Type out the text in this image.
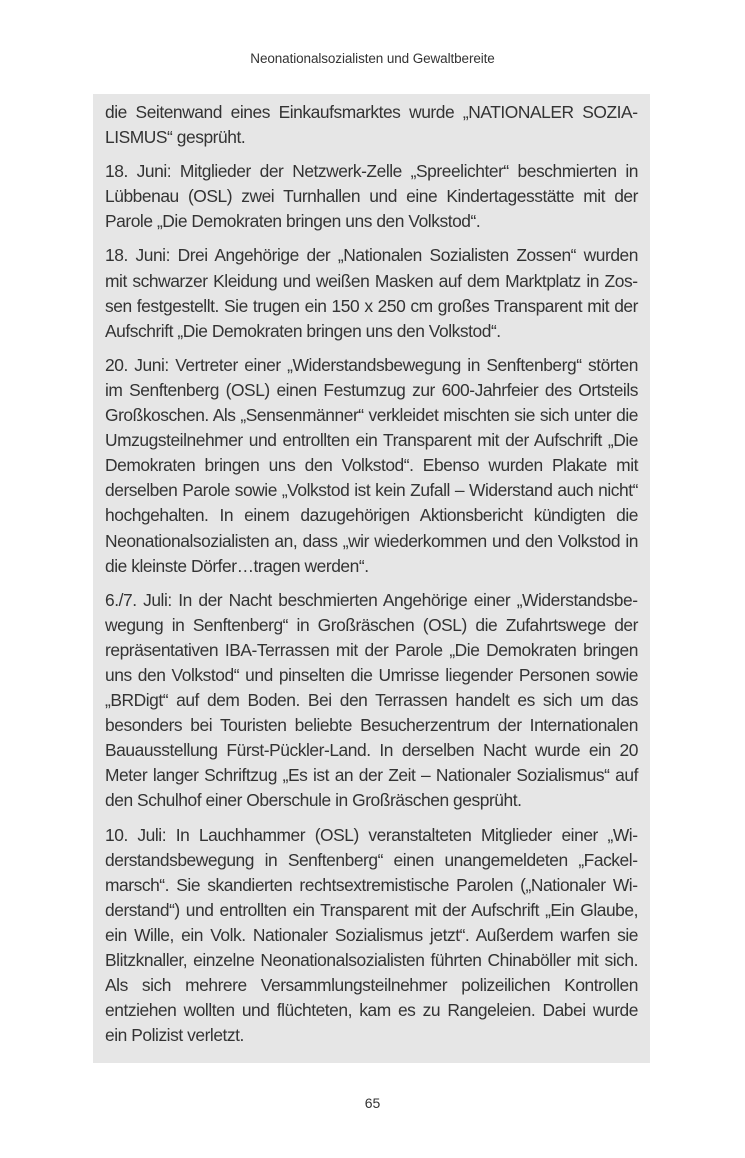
Neonationalsozialisten und Gewaltbereite

die Seitenwand eines Einkaufsmarktes wurde „NATIONALER SOZIALISMUS“ gesprüht.

18. Juni: Mitglieder der Netzwerk-Zelle „Spreelichter“ beschmierten in Lübbenau (OSL) zwei Turnhallen und eine Kindertagesstätte mit der Parole „Die Demokraten bringen uns den Volkstod“.

18. Juni: Drei Angehörige der „Nationalen Sozialisten Zossen“ wurden mit schwarzer Kleidung und weißen Masken auf dem Marktplatz in Zossen festgestellt. Sie trugen ein 150 x 250 cm großes Transparent mit der Aufschrift „Die Demokraten bringen uns den Volkstod“.

20. Juni: Vertreter einer „Widerstandsbewegung in Senftenberg“ störten im Senftenberg (OSL) einen Festumzug zur 600-Jahrfeier des Ortsteils Großkoschen. Als „Sensenmänner“ verkleidet mischten sie sich unter die Umzugsteilnehmer und entrollten ein Transparent mit der Aufschrift „Die Demokraten bringen uns den Volkstod“. Ebenso wurden Plakate mit derselben Parole sowie „Volkstod ist kein Zufall – Widerstand auch nicht“ hochgehalten. In einem dazugehörigen Aktionsbericht kündigten die Neonationalsozialisten an, dass „wir wiederkommen und den Volkstod in die kleinste Dörfer…tragen werden“.

6./7. Juli: In der Nacht beschmierten Angehörige einer „Widerstandsbewegung in Senftenberg“ in Großräschen (OSL) die Zufahrtswege der repräsentativen IBA-Terrassen mit der Parole „Die Demokraten bringen uns den Volkstod“ und pinselten die Umrisse liegender Personen sowie „BRDigt“ auf dem Boden. Bei den Terrassen handelt es sich um das besonders bei Touristen beliebte Besucherzentrum der Internationalen Bauausstellung Fürst-Pückler-Land. In derselben Nacht wurde ein 20 Meter langer Schriftzug „Es ist an der Zeit – Nationaler Sozialismus“ auf den Schulhof einer Oberschule in Großräschen gesprüht.

10. Juli: In Lauchhammer (OSL) veranstalteten Mitglieder einer „Widerstandsbewegung in Senftenberg“ einen unangemeldeten „Fackelmarsch“. Sie skandierten rechtsextremistische Parolen („Nationaler Widerstand“) und entrollten ein Transparent mit der Aufschrift „Ein Glaube, ein Wille, ein Volk. Nationaler Sozialismus jetzt“. Außerdem warfen sie Blitzknaller, einzelne Neonationalsozialisten führten Chinaböller mit sich. Als sich mehrere Versammlungsteilnehmer polizeilichen Kontrollen entziehen wollten und flüchteten, kam es zu Rangeleien. Dabei wurde ein Polizist verletzt.

65
